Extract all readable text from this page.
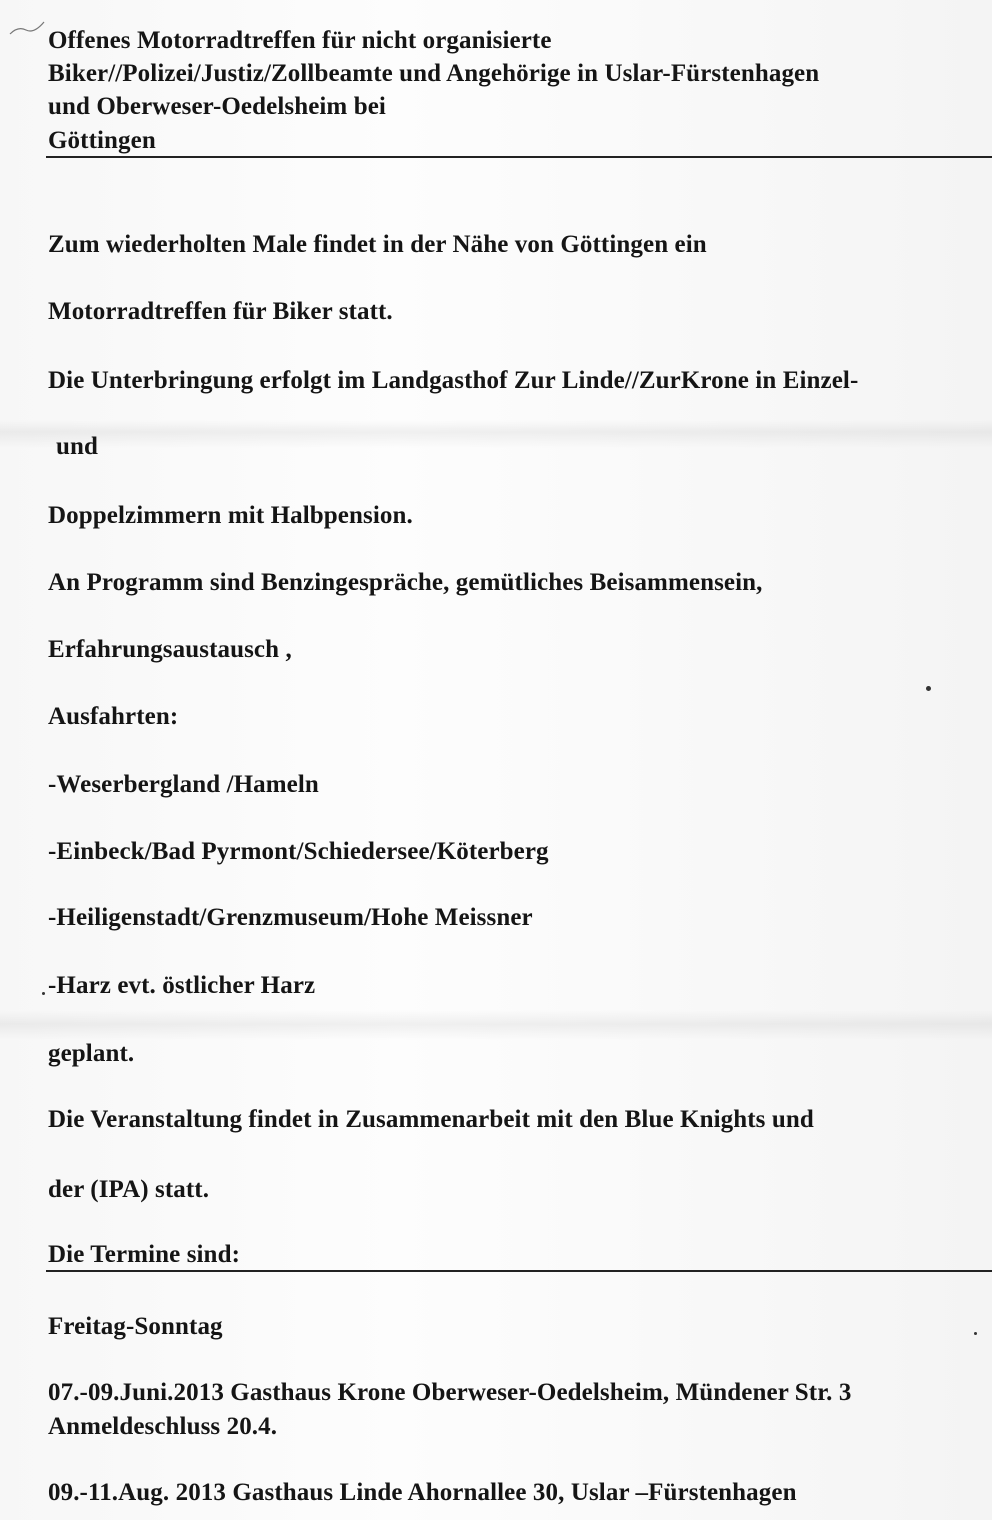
Offenes Motorradtreffen für nicht organisierte
Biker//Polizei/Justiz/Zollbeamte und Angehörige in Uslar-Fürstenhagen
und Oberweser-Oedelsheim bei
Göttingen
Zum wiederholten Male findet in der Nähe von Göttingen ein
Motorradtreffen für Biker statt.
Die Unterbringung erfolgt im Landgasthof Zur Linde//ZurKrone in Einzel-
und
Doppelzimmern mit Halbpension.
An Programm sind Benzingespräche, gemütliches Beisammensein,
Erfahrungsaustausch ,
Ausfahrten:
-Weserbergland /Hameln
-Einbeck/Bad Pyrmont/Schiedersee/Köterberg
-Heiligenstadt/Grenzmuseum/Hohe Meissner
-Harz evt. östlicher Harz
geplant.
Die Veranstaltung findet in Zusammenarbeit mit den Blue Knights und
der (IPA) statt.
Die Termine sind:
Freitag-Sonntag
07.-09.Juni.2013 Gasthaus Krone Oberweser-Oedelsheim, Mündener Str. 3
Anmeldeschluss 20.4.
09.-11.Aug. 2013 Gasthaus Linde Ahornallee 30, Uslar –Fürstenhagen
